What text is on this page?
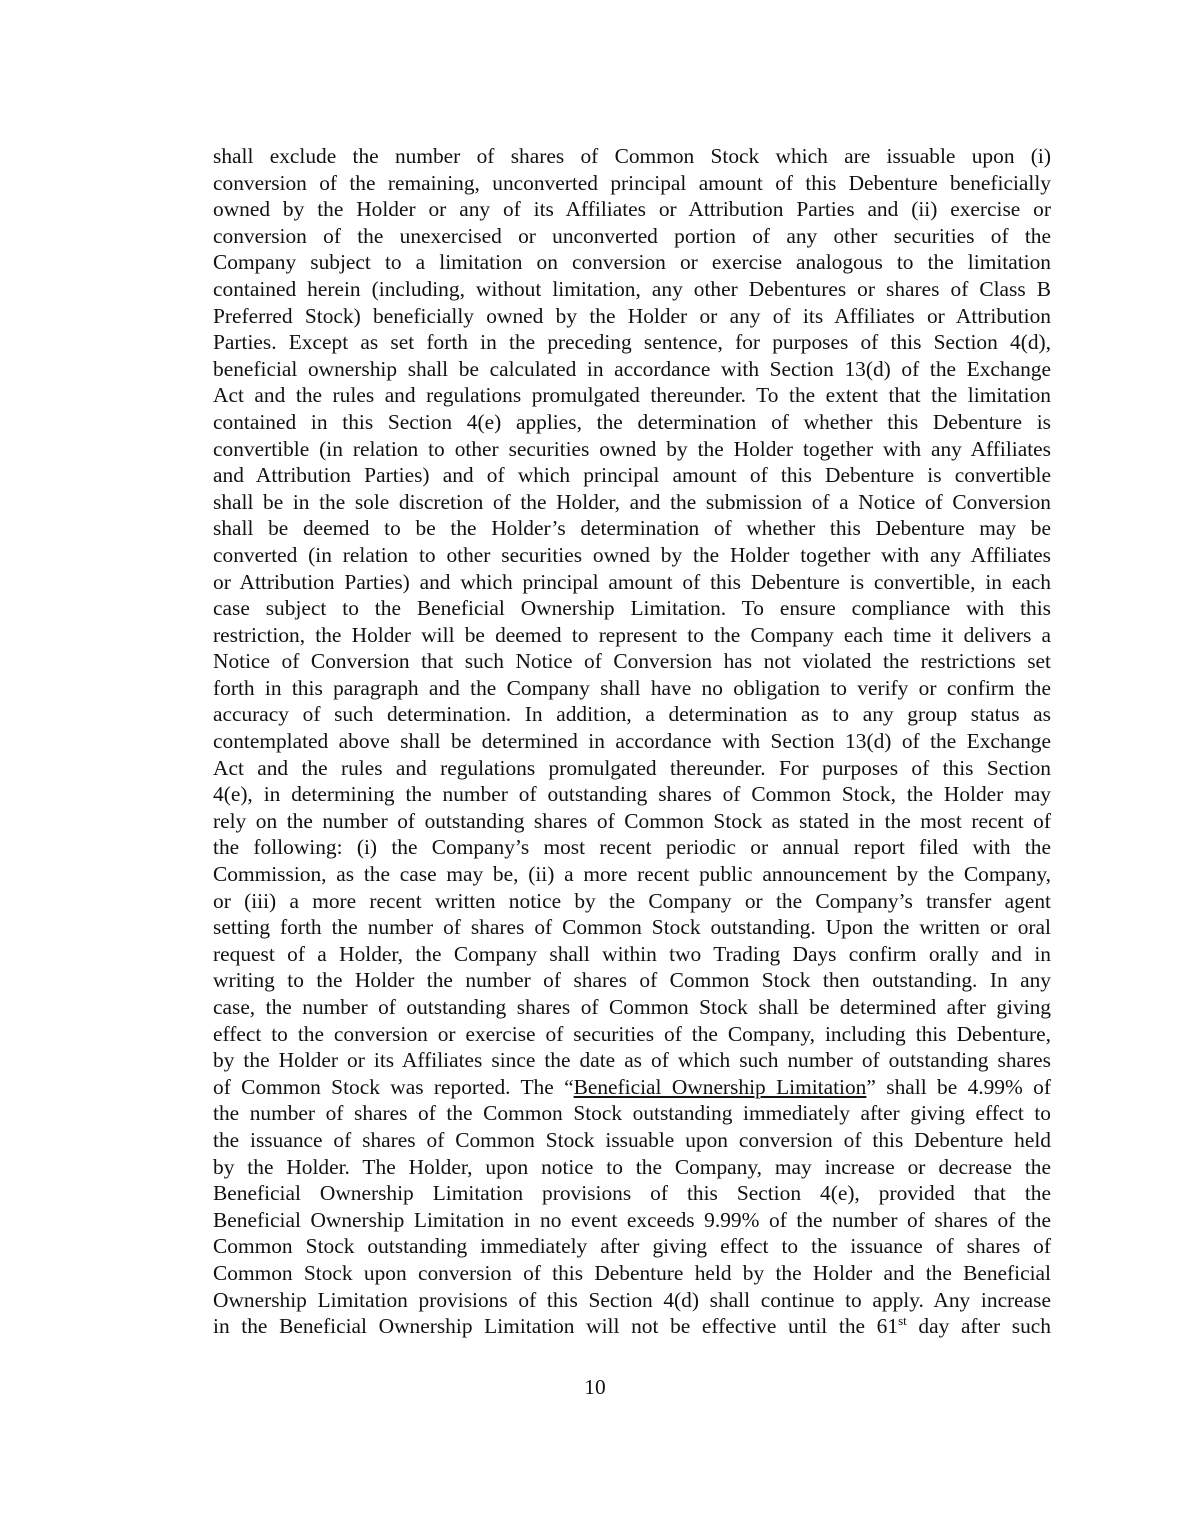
shall exclude the number of shares of Common Stock which are issuable upon (i)
conversion of the remaining, unconverted principal amount of this Debenture beneficially
owned by the Holder or any of its Affiliates or Attribution Parties and (ii) exercise or
conversion of the unexercised or unconverted portion of any other securities of the
Company subject to a limitation on conversion or exercise analogous to the limitation
contained herein (including, without limitation, any other Debentures or shares of Class B
Preferred Stock) beneficially owned by the Holder or any of its Affiliates or Attribution
Parties. Except as set forth in the preceding sentence, for purposes of this Section 4(d),
beneficial ownership shall be calculated in accordance with Section 13(d) of the Exchange
Act and the rules and regulations promulgated thereunder. To the extent that the limitation
contained in this Section 4(e) applies, the determination of whether this Debenture is
convertible (in relation to other securities owned by the Holder together with any Affiliates
and Attribution Parties) and of which principal amount of this Debenture is convertible
shall be in the sole discretion of the Holder, and the submission of a Notice of Conversion
shall be deemed to be the Holder’s determination of whether this Debenture may be
converted (in relation to other securities owned by the Holder together with any Affiliates
or Attribution Parties) and which principal amount of this Debenture is convertible, in each
case subject to the Beneficial Ownership Limitation. To ensure compliance with this
restriction, the Holder will be deemed to represent to the Company each time it delivers a
Notice of Conversion that such Notice of Conversion has not violated the restrictions set
forth in this paragraph and the Company shall have no obligation to verify or confirm the
accuracy of such determination. In addition, a determination as to any group status as
contemplated above shall be determined in accordance with Section 13(d) of the Exchange
Act and the rules and regulations promulgated thereunder. For purposes of this Section
4(e), in determining the number of outstanding shares of Common Stock, the Holder may
rely on the number of outstanding shares of Common Stock as stated in the most recent of
the following: (i) the Company’s most recent periodic or annual report filed with the
Commission, as the case may be, (ii) a more recent public announcement by the Company,
or (iii) a more recent written notice by the Company or the Company’s transfer agent
setting forth the number of shares of Common Stock outstanding. Upon the written or oral
request of a Holder, the Company shall within two Trading Days confirm orally and in
writing to the Holder the number of shares of Common Stock then outstanding. In any
case, the number of outstanding shares of Common Stock shall be determined after giving
effect to the conversion or exercise of securities of the Company, including this Debenture,
by the Holder or its Affiliates since the date as of which such number of outstanding shares
of Common Stock was reported. The “Beneficial Ownership Limitation” shall be 4.99% of
the number of shares of the Common Stock outstanding immediately after giving effect to
the issuance of shares of Common Stock issuable upon conversion of this Debenture held
by the Holder. The Holder, upon notice to the Company, may increase or decrease the
Beneficial Ownership Limitation provisions of this Section 4(e), provided that the
Beneficial Ownership Limitation in no event exceeds 9.99% of the number of shares of the
Common Stock outstanding immediately after giving effect to the issuance of shares of
Common Stock upon conversion of this Debenture held by the Holder and the Beneficial
Ownership Limitation provisions of this Section 4(d) shall continue to apply. Any increase
in the Beneficial Ownership Limitation will not be effective until the 61st day after such
10
